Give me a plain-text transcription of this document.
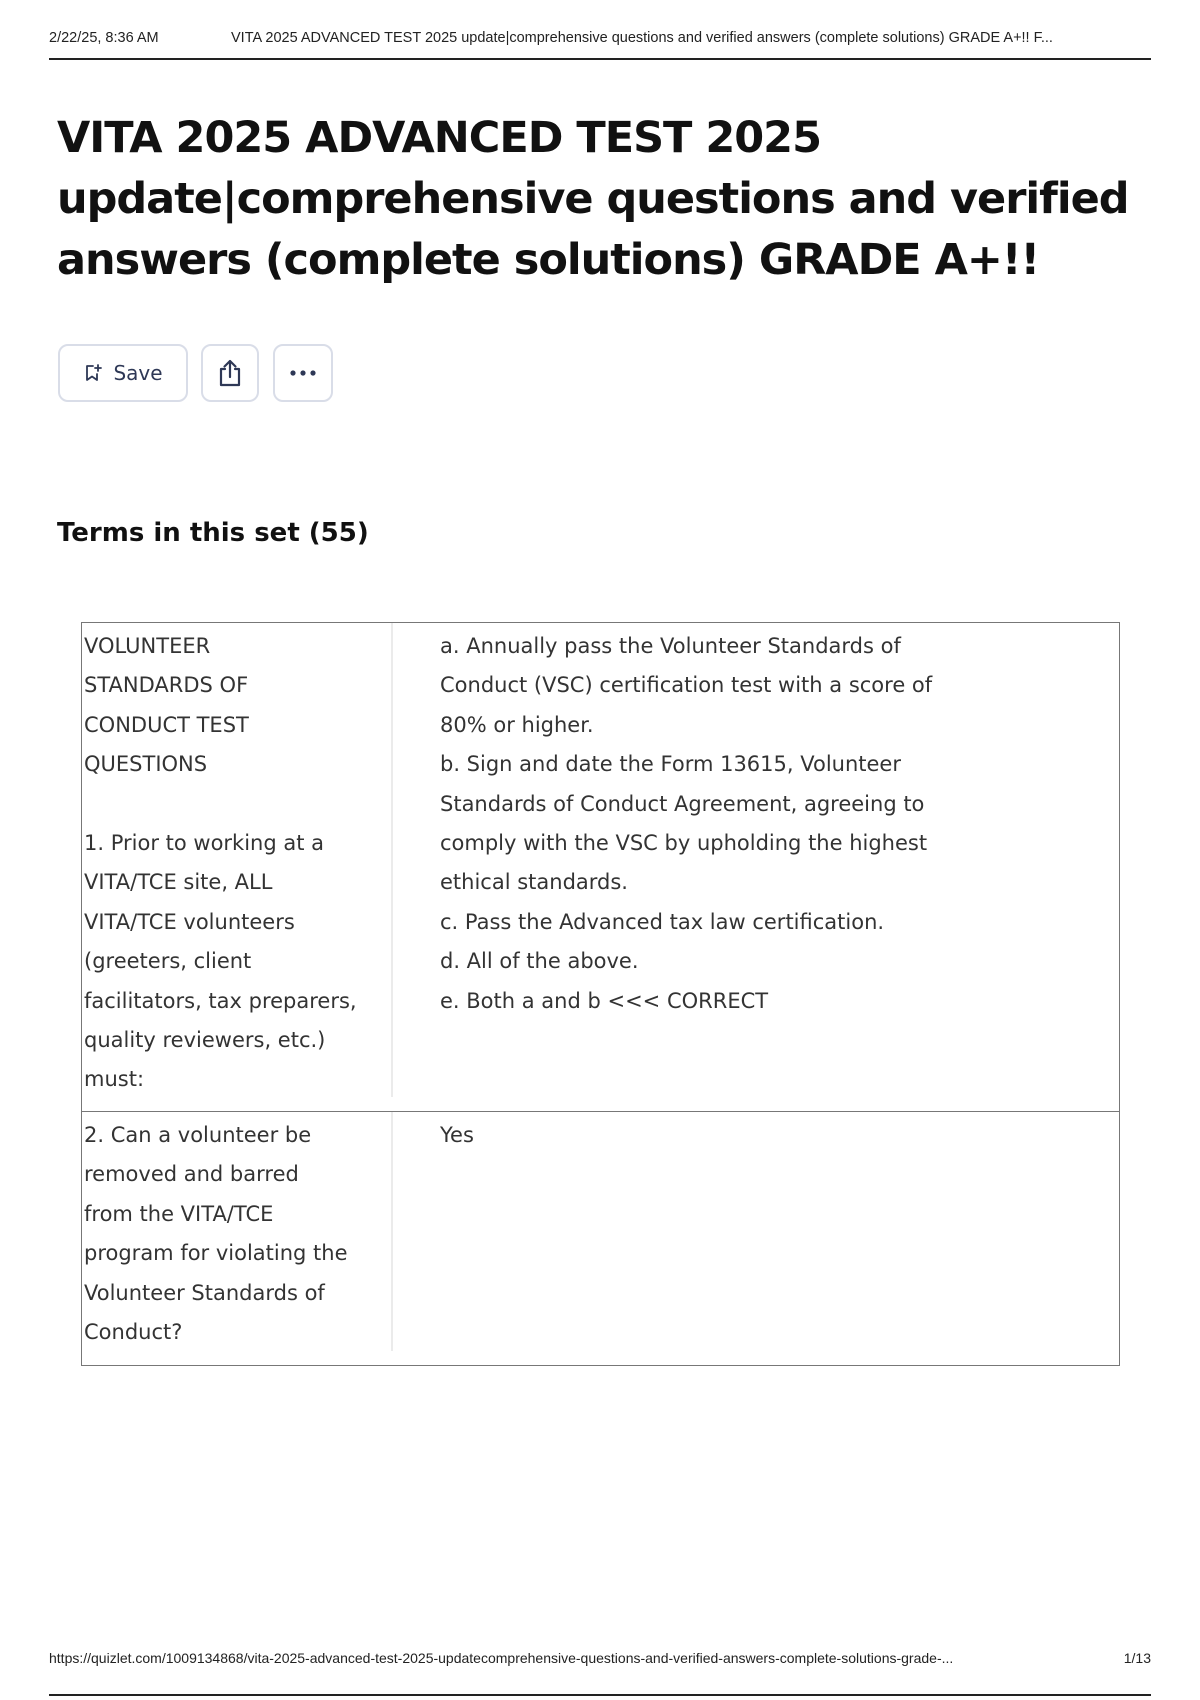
2/22/25, 8:36 AM	VITA 2025 ADVANCED TEST 2025 update|comprehensive questions and verified answers (complete solutions) GRADE A+!! F...
VITA 2025 ADVANCED TEST 2025
update|comprehensive questions and verified
answers (complete solutions) GRADE A+!!
Save
Terms in this set (55)
VOLUNTEER
STANDARDS OF
CONDUCT TEST
QUESTIONS
1. Prior to working at a
VITA/TCE site, ALL
VITA/TCE volunteers
(greeters, client
facilitators, tax preparers,
quality reviewers, etc.)
must:
a. Annually pass the Volunteer Standards of
Conduct (VSC) certification test with a score of
80% or higher.
b. Sign and date the Form 13615, Volunteer
Standards of Conduct Agreement, agreeing to
comply with the VSC by upholding the highest
ethical standards.
c. Pass the Advanced tax law certification.
d. All of the above.
e. Both a and b <<< CORRECT
2. Can a volunteer be
removed and barred
from the VITA/TCE
program for violating the
Volunteer Standards of
Conduct?
Yes
https://quizlet.com/1009134868/vita-2025-advanced-test-2025-updatecomprehensive-questions-and-verified-answers-complete-solutions-grade-...	1/13
